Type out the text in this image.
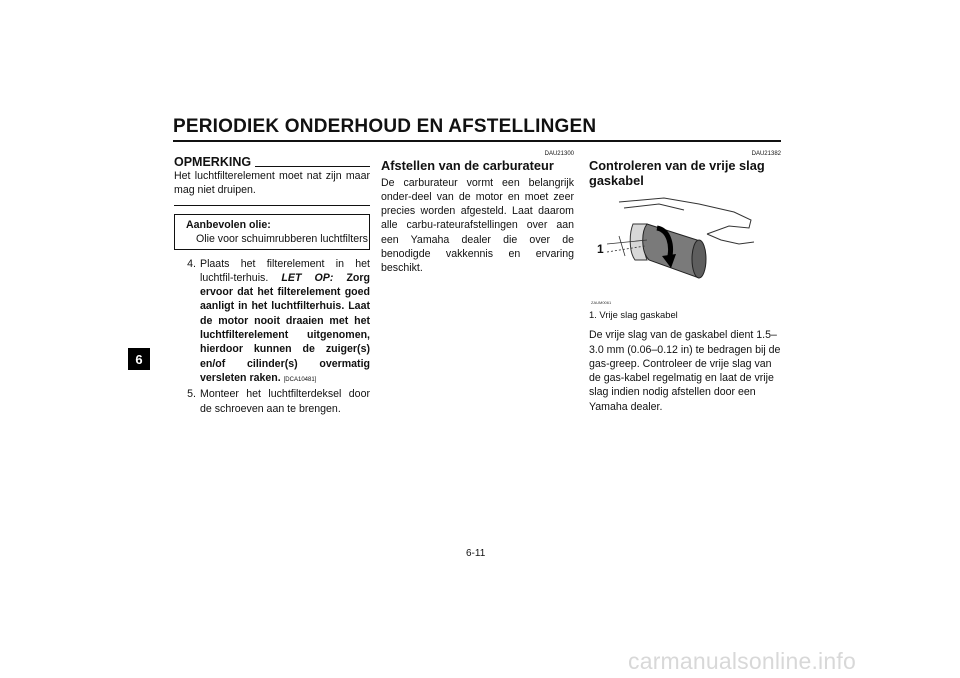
PERIODIEK ONDERHOUD EN AFSTELLINGEN
6
OPMERKING
Het luchtfilterelement moet nat zijn maar mag niet druipen.
Aanbevolen olie:
Olie voor schuimrubberen luchtfilters
4. Plaats het filterelement in het luchtfil-terhuis. LET OP: Zorg ervoor dat het filterelement goed aanligt in het luchtfilterhuis. Laat de motor nooit draaien met het luchtfilterelement uitgenomen, hierdoor kunnen de zuiger(s) en/of cilinder(s) overmatig versleten raken. [DCA10481]
5. Monteer het luchtfilterdeksel door de schroeven aan te brengen.
DAU21300
Afstellen van de carburateur
De carburateur vormt een belangrijk onder-deel van de motor en moet zeer precies worden afgesteld. Laat daarom alle carbu-rateurafstellingen over aan een Yamaha dealer die over de benodigde vakkennis en ervaring beschikt.
DAU21382
Controleren van de vrije slag gaskabel
1
ZAUM0061
1. Vrije slag gaskabel
De vrije slag van de gaskabel dient 1.5–3.0 mm (0.06–0.12 in) te bedragen bij de gas-greep. Controleer de vrije slag van de gas-kabel regelmatig en laat de vrije slag indien nodig afstellen door een Yamaha dealer.
6-11
carmanualsonline.info
